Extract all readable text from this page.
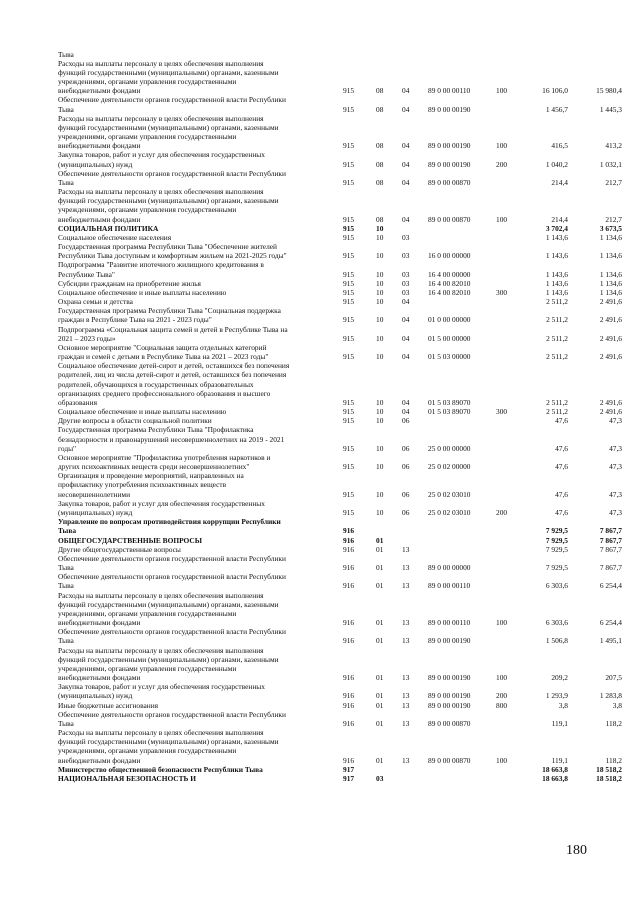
Тыва
Расходы на выплаты персоналу в целях обеспечения выполнения
функций государственными (муниципальными) органами, казенными
учреждениями, органами управления государственными
внебюджетными фондами	915	08	04	89 0 00 00110	100	16 106,0	15 980,4
Обеспечение деятельности органов государственной власти Республики
Тыва	915	08	04	89 0 00 00190	1 456,7	1 445,3
Расходы на выплаты персоналу в целях обеспечения выполнения
функций государственными (муниципальными) органами, казенными
учреждениями, органами управления государственными
внебюджетными фондами	915	08	04	89 0 00 00190	100	416,5	413,2
Закупка товаров, работ и услуг для обеспечения государственных
(муниципальных) нужд	915	08	04	89 0 00 00190	200	1 040,2	1 032,1
Обеспечение деятельности органов государственной власти Республики
Тыва	915	08	04	89 0 00 00870	214,4	212,7
Расходы на выплаты персоналу в целях обеспечения выполнения
функций государственными (муниципальными) органами, казенными
учреждениями, органами управления государственными
внебюджетными фондами	915	08	04	89 0 00 00870	100	214,4	212,7
СОЦИАЛЬНАЯ ПОЛИТИКА	915	10	3 702,4	3 673,5
Социальное обеспечение населения	915	10	03	1 143,6	1 134,6
Государственная программа Республики Тыва "Обеспечение жителей
Республики Тыва доступным и комфортным жильем на 2021-2025 годы"	915	10	03	16 0 00 00000	1 143,6	1 134,6
Подпрограмма "Развитие ипотечного жилищного кредитования в
Республике Тыва"	915	10	03	16 4 00 00000	1 143,6	1 134,6
Субсидии гражданам на приобретение жилья	915	10	03	16 4 00 82010	1 143,6	1 134,6
Социальное обеспечение и иные выплаты населению	915	10	03	16 4 00 82010	300	1 143,6	1 134,6
Охрана семьи и детства	915	10	04	2 511,2	2 491,6
Государственная программа Республики Тыва "Социальная поддержка
граждан в Республике Тыва на 2021 - 2023 годы"	915	10	04	01 0 00 00000	2 511,2	2 491,6
Подпрограмма «Социальная защита семей и детей в Республике Тыва на
2021 – 2023 годы»	915	10	04	01 5 00 00000	2 511,2	2 491,6
Основное мероприятие "Социальная защита отдельных категорий
граждан и семей с детьми в Республике Тыва на 2021 – 2023 годы"	915	10	04	01 5 03 00000	2 511,2	2 491,6
Социальное обеспечение детей-сирот и детей, оставшихся без попечения
родителей, лиц из числа детей-сирот и детей, оставшихся без попечения
родителей, обучающихся в государственных образовательных
организациях среднего профессионального образования и высшего
образования	915	10	04	01 5 03 89070	2 511,2	2 491,6
Социальное обеспечение и иные выплаты населению	915	10	04	01 5 03 89070	300	2 511,2	2 491,6
Другие вопросы в области социальной политики	915	10	06	47,6	47,3
Государственная программа Республики Тыва "Профилактика
безнадзорности и правонарушений несовершеннолетних на 2019 - 2021
годы"	915	10	06	25 0 00 00000	47,6	47,3
Основное мероприятие "Профилактика употребления наркотиков и
других психоактивных веществ среди несовершеннолетних"	915	10	06	25 0 02 00000	47,6	47,3
Организация и проведение мероприятий, направленных на
профилактику употребления психоактивных веществ
несовершеннолетними	915	10	06	25 0 02 03010	47,6	47,3
Закупка товаров, работ и услуг для обеспечения государственных
(муниципальных) нужд	915	10	06	25 0 02 03010	200	47,6	47,3
Управление по вопросам противодействия коррупции Республики
Тыва	916	7 929,5	7 867,7
ОБЩЕГОСУДАРСТВЕННЫЕ ВОПРОСЫ	916	01	7 929,5	7 867,7
Другие общегосударственные вопросы	916	01	13	7 929,5	7 867,7
Обеспечение деятельности органов государственной власти Республики
Тыва	916	01	13	89 0 00 00000	7 929,5	7 867,7
Обеспечение деятельности органов государственной власти Республики
Тыва	916	01	13	89 0 00 00110	6 303,6	6 254,4
Расходы на выплаты персоналу в целях обеспечения выполнения
функций государственными (муниципальными) органами, казенными
учреждениями, органами управления государственными
внебюджетными фондами	916	01	13	89 0 00 00110	100	6 303,6	6 254,4
Обеспечение деятельности органов государственной власти Республики
Тыва	916	01	13	89 0 00 00190	1 506,8	1 495,1
Расходы на выплаты персоналу в целях обеспечения выполнения
функций государственными (муниципальными) органами, казенными
учреждениями, органами управления государственными
внебюджетными фондами	916	01	13	89 0 00 00190	100	209,2	207,5
Закупка товаров, работ и услуг для обеспечения государственных
(муниципальных) нужд	916	01	13	89 0 00 00190	200	1 293,9	1 283,8
Иные бюджетные ассигнования	916	01	13	89 0 00 00190	800	3,8	3,8
Обеспечение деятельности органов государственной власти Республики
Тыва	916	01	13	89 0 00 00870	119,1	118,2
Расходы на выплаты персоналу в целях обеспечения выполнения
функций государственными (муниципальными) органами, казенными
учреждениями, органами управления государственными
внебюджетными фондами	916	01	13	89 0 00 00870	100	119,1	118,2
Министерство общественной безопасности Республики Тыва	917	18 663,8	18 518,2
НАЦИОНАЛЬНАЯ БЕЗОПАСНОСТЬ И	917	03	18 663,8	18 518,2
180
